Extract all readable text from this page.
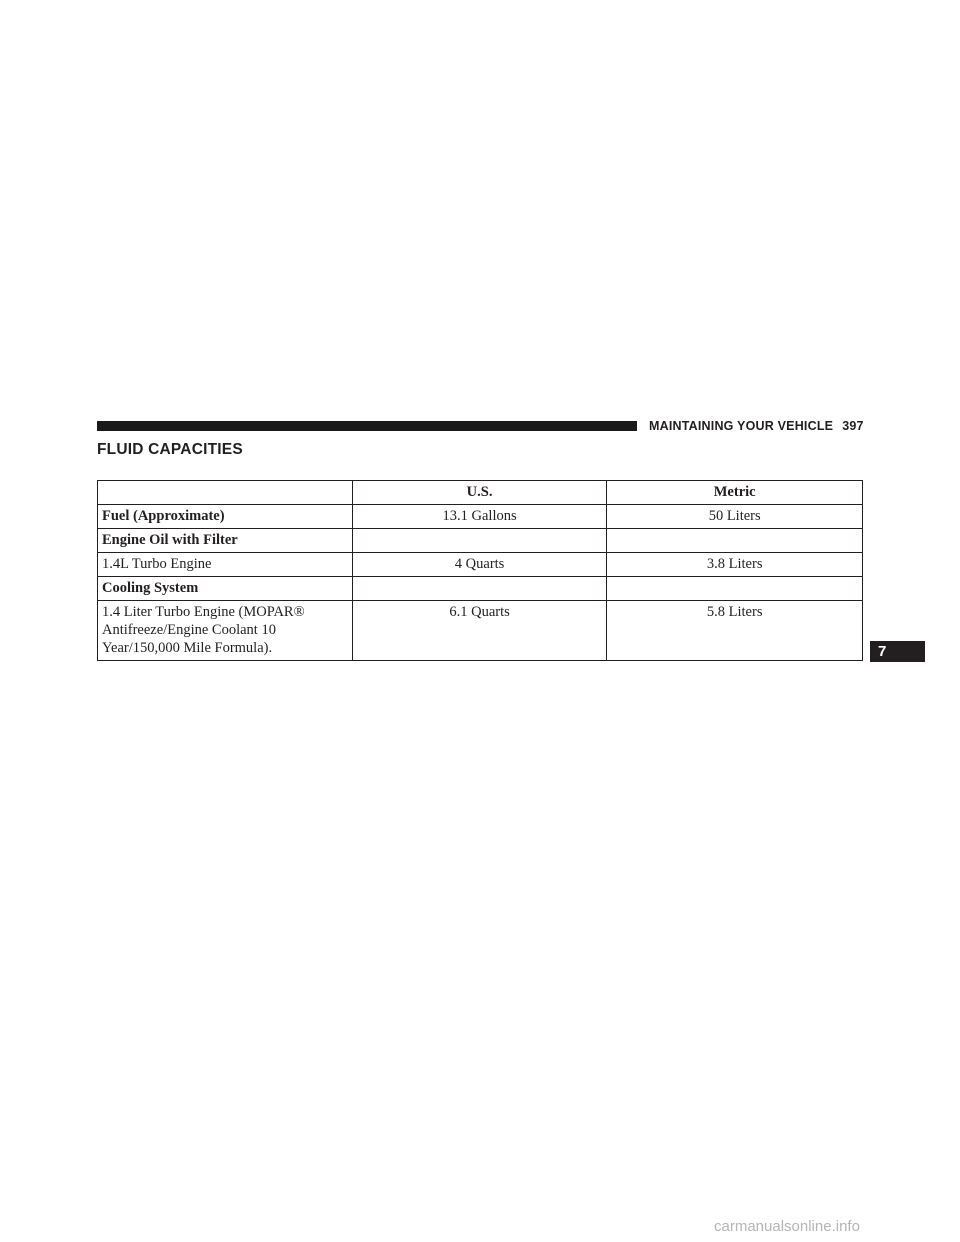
MAINTAINING YOUR VEHICLE 397
FLUID CAPACITIES
	U.S.	Metric
Fuel (Approximate)	13.1 Gallons	50 Liters
Engine Oil with Filter		
1.4L Turbo Engine	4 Quarts	3.8 Liters
Cooling System		
1.4 Liter Turbo Engine (MOPAR® Antifreeze/Engine Coolant 10 Year/150,000 Mile Formula).	6.1 Quarts	5.8 Liters
7
carmanualsonline.info
